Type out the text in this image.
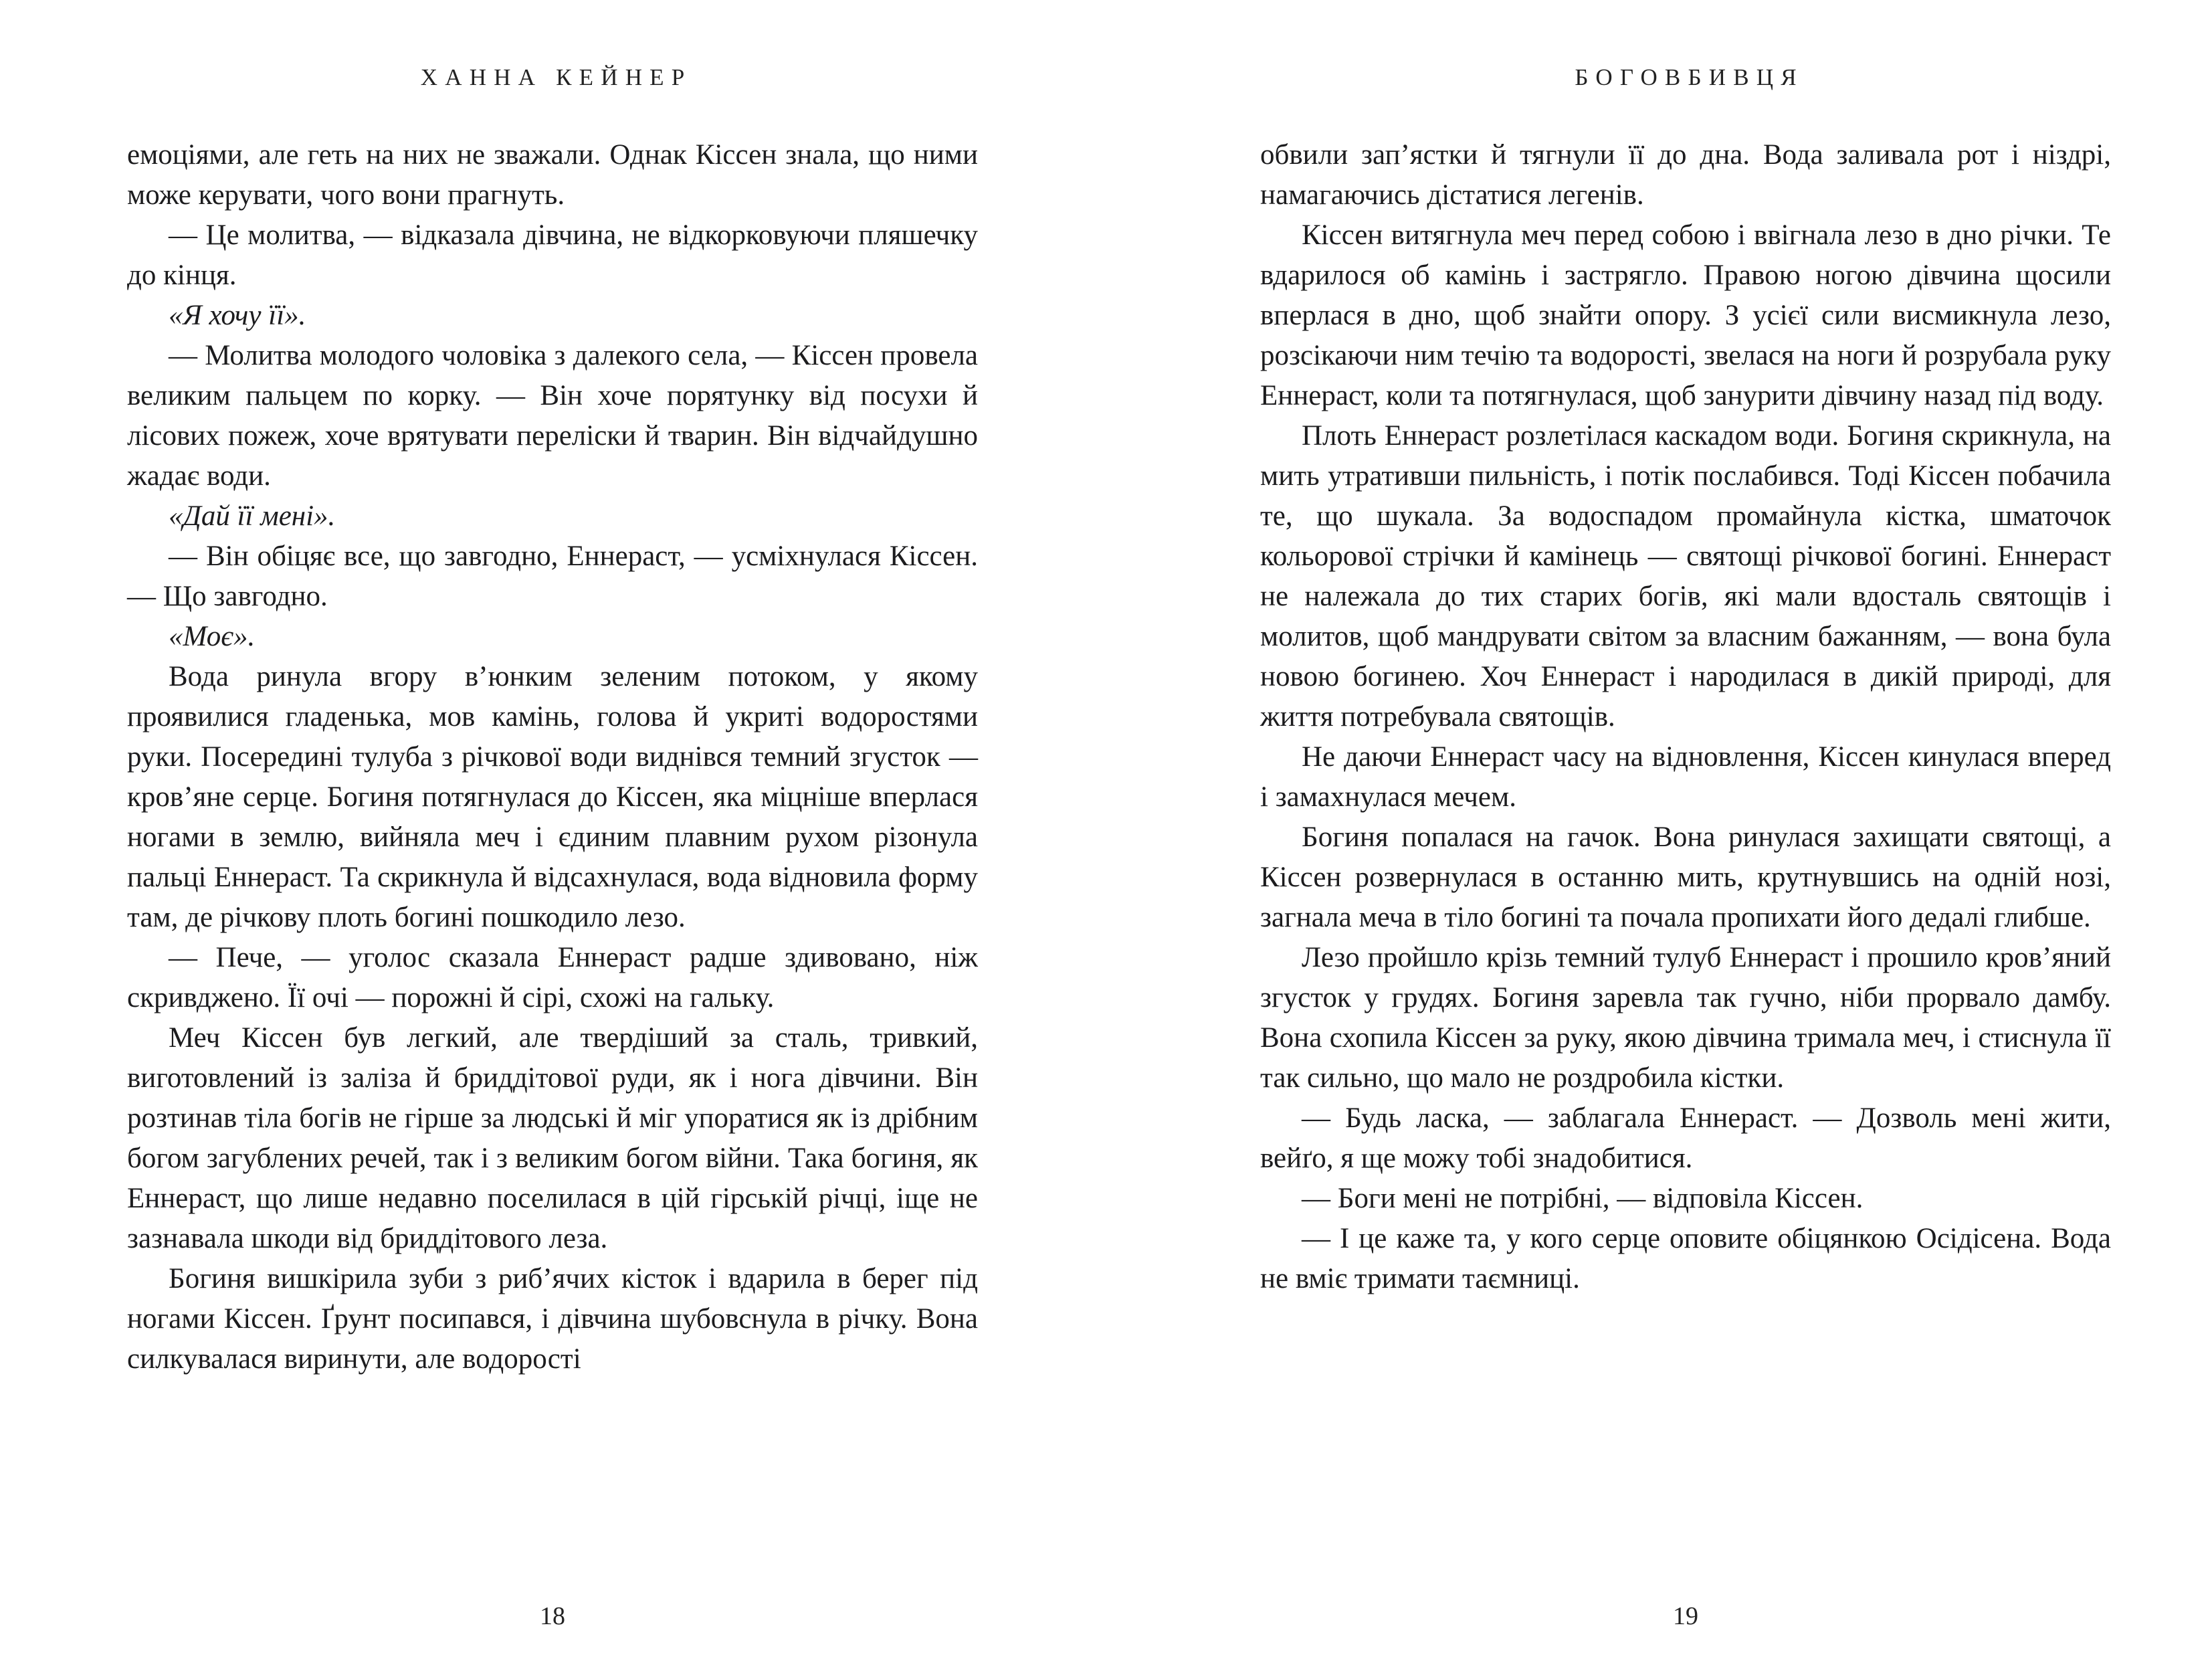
ХАННА КЕЙНЕР

емоціями, але геть на них не зважали. Однак Кіссен знала, що ними може керувати, чого вони прагнуть.

— Це молитва, — відказала дівчина, не відкорковуючи пляшечку до кінця.

«Я хочу її».

— Молитва молодого чоловіка з далекого села, — Кіссен провела великим пальцем по корку. — Він хоче порятунку від посухи й лісових пожеж, хоче врятувати переліски й тварин. Він відчайдушно жадає води.

«Дай її мені».

— Він обіцяє все, що завгодно, Еннераст, — усміхнулася Кіссен. — Що завгодно.

«Моє».

Вода ринула вгору в’юнким зеленим потоком, у якому проявилися гладенька, мов камінь, голова й укриті водоростями руки. Посередині тулуба з річкової води виднівся темний згусток — кров’яне серце. Богиня потягнулася до Кіссен, яка міцніше вперлася ногами в землю, вийняла меч і єдиним плавним рухом різонула пальці Еннераст. Та скрикнула й відсахнулася, вода відновила форму там, де річкову плоть богині пошкодило лезо.

— Пече, — уголос сказала Еннераст радше здивовано, ніж скривджено. Її очі — порожні й сірі, схожі на гальку.

Меч Кіссен був легкий, але твердіший за сталь, тривкий, виготовлений із заліза й бриддітової руди, як і нога дівчини. Він розтинав тіла богів не гірше за людські й міг упоратися як із дрібним богом загублених речей, так і з великим богом війни. Така богиня, як Еннераст, що лише недавно поселилася в цій гірській річці, іще не зазнавала шкоди від бриддітового леза.

Богиня вишкірила зуби з риб’ячих кісток і вдарила в берег під ногами Кіссен. Ґрунт посипався, і дівчина шубовснула в річку. Вона силкувалася виринути, але водорості

18
БОГОВБИВЦЯ

обвили зап’ястки й тягнули її до дна. Вода заливала рот і ніздрі, намагаючись дістатися легенів.

Кіссен витягнула меч перед собою і ввігнала лезо в дно річки. Те вдарилося об камінь і застрягло. Правою ногою дівчина щосили вперлася в дно, щоб знайти опору. З усієї сили висмикнула лезо, розсікаючи ним течію та водорості, звелася на ноги й розрубала руку Еннераст, коли та потягнулася, щоб занурити дівчину назад під воду.

Плоть Еннераст розлетілася каскадом води. Богиня скрикнула, на мить утративши пильність, і потік послабився. Тоді Кіссен побачила те, що шукала. За водоспадом промайнула кістка, шматочок кольорової стрічки й камінець — святощі річкової богині. Еннераст не належала до тих старих богів, які мали вдосталь святощів і молитов, щоб мандрувати світом за власним бажанням, — вона була новою богинею. Хоч Еннераст і народилася в дикій природі, для життя потребувала святощів.

Не даючи Еннераст часу на відновлення, Кіссен кинулася вперед і замахнулася мечем.

Богиня попалася на гачок. Вона ринулася захищати святощі, а Кіссен розвернулася в останню мить, крутнувшись на одній нозі, загнала меча в тіло богині та почала пропихати його дедалі глибше.

Лезо пройшло крізь темний тулуб Еннераст і прошило кров’яний згусток у грудях. Богиня заревла так гучно, ніби прорвало дамбу. Вона схопила Кіссен за руку, якою дівчина тримала меч, і стиснула її так сильно, що мало не роздробила кістки.

— Будь ласка, — заблагала Еннераст. — Дозволь мені жити, вейґо, я ще можу тобі знадобитися.

— Боги мені не потрібні, — відповіла Кіссен.

— І це каже та, у кого серце оповите обіцянкою Осідісена. Вода не вміє тримати таємниці.

19
